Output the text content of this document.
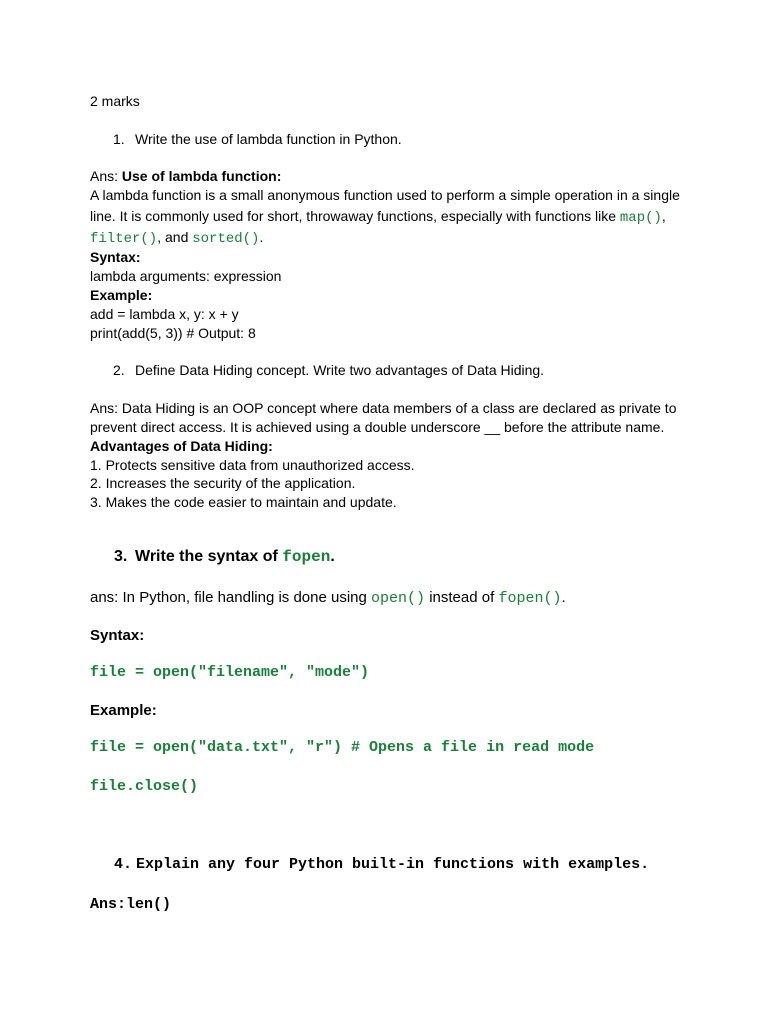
2 marks
1. Write the use of lambda function in Python.
Ans: Use of lambda function:
A lambda function is a small anonymous function used to perform a simple operation in a single
line. It is commonly used for short, throwaway functions, especially with functions like map(),
filter(), and sorted().
Syntax:
lambda arguments: expression
Example:
add = lambda x, y: x + y
print(add(5, 3)) # Output: 8
2. Define Data Hiding concept. Write two advantages of Data Hiding.
Ans: Data Hiding is an OOP concept where data members of a class are declared as private to
prevent direct access. It is achieved using a double underscore __ before the attribute name.
Advantages of Data Hiding:
1. Protects sensitive data from unauthorized access.
2. Increases the security of the application.
3. Makes the code easier to maintain and update.
3. Write the syntax of fopen.
ans: In Python, file handling is done using open() instead of fopen().
Syntax:
file = open("filename", "mode")
Example:
file = open("data.txt", "r") # Opens a file in read mode
file.close()
4. Explain any four Python built-in functions with examples.
Ans:len()
